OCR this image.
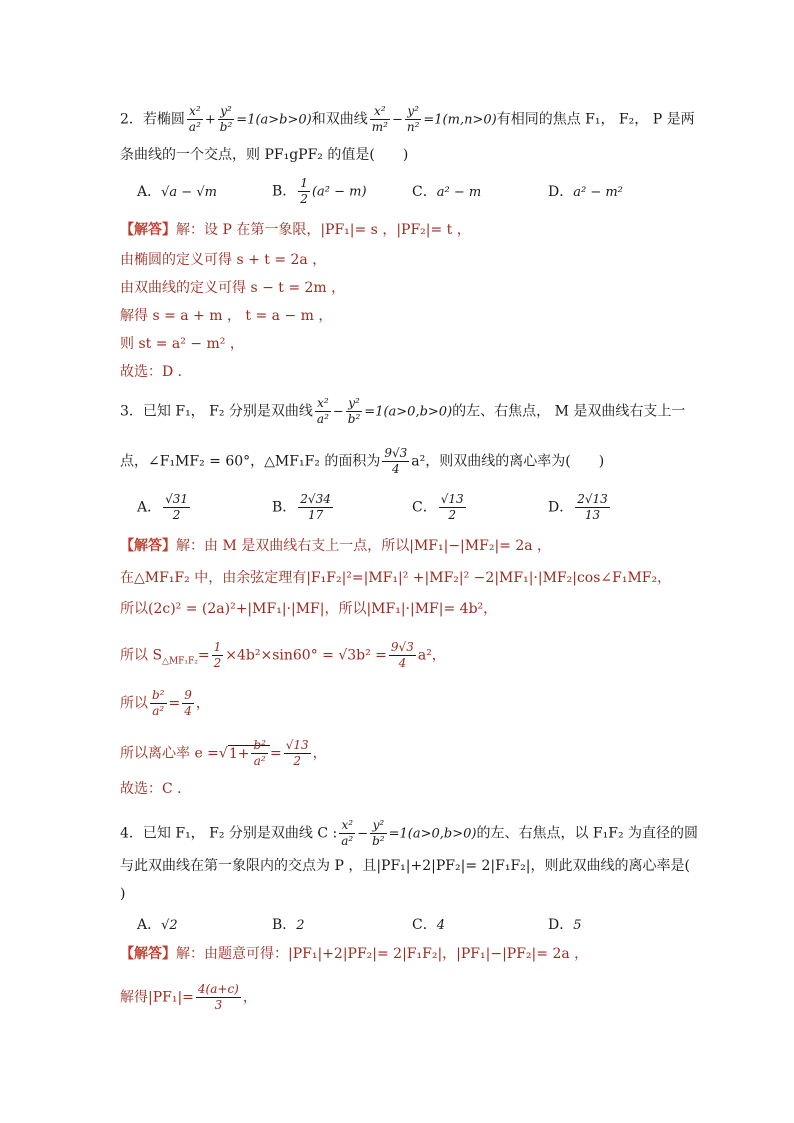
2．若椭圆 $\frac{\text{x²}}{\text{a²}} + \frac{\text{y²}}{\text{b²}} =1(a>b>0)$和双曲线 $\frac{\text{x²}}{\text{m²}} - \frac{\text{y²}}{\text{n²}} =1(m,n>0)$有相同的焦点 F₁， F₂， P 是两
条曲线的一个交点，则 PF₁gPF₂ 的值是(　　)
A．√a − √m	B． $\frac{1}{2} (a^2 - m)$	C．a² − m	D．a² − m²
【解答】解：设 P 在第一象限，|PF₁|= s ，|PF₂|= t ，
由椭圆的定义可得 s + t = 2a ，
由双曲线的定义可得 s − t = 2m ，
解得 s = a + m ， t = a − m ，
则 st = a² − m² ，
故选：D ．
3．已知 F₁， F₂ 分别是双曲线 $\frac{\text{x²}}{\text{a²}} - \frac{\text{y²}}{\text{b²}} =1(a>0,b>0)$的左、右焦点， M 是双曲线右支上一
点，∠F₁MF₂ = 60°，△MF₁F₂ 的面积为 $\frac{9√3}{4} a^2$，则双曲线的离心率为(　　)
A． $\frac{√31}{2}$	B． $\frac{2√34}{17}$	C． $\frac{√13}{2}$	D． $\frac{2√13}{13}$
【解答】解：由 M 是双曲线右支上一点，所以|MF₁|−|MF₂|= 2a ，
在△MF₁F₂ 中，由余弦定理有|F₁F₂|²=|MF₁|² +|MF₂|² −2|MF₁|·|MF₂|cos∠F₁MF₂，
所以(2c)² = (2a)²+|MF₁|·|MF|，所以|MF₁|·|MF|= 4b²，
所以 $S_{\triangle MF_1F_2}= \frac{1}{2} \times 4b^2\times\sin 60^\circ = √3b^2 = \frac{9√3}{4} a^2$，
所以 $\frac{\text{b²}}{\text{a²}} = \frac{9}{4}$ ，
所以离心率 $e =√1+ \frac{\text{b²}}{\text{a²}} = \frac{√13}{2}$ ，
故选：C ．
4．已知 F₁， F₂ 分别是双曲线 C : $\frac{\text{x²}}{\text{a²}} - \frac{\text{y²}}{\text{b²}} =1(a>0,b>0)$的左、右焦点，以 F₁F₂ 为直径的圆
与此双曲线在第一象限内的交点为 P ，且|PF₁|+2|PF₂|= 2|F₁F₂|，则此双曲线的离心率是(
)
A．√2	B．2	C．4	D．5
【解答】解：由题意可得：|PF₁|+2|PF₂|= 2|F₁F₂|，|PF₁|−|PF₂|= 2a ，
解得$|PF_1|= \frac{4(a+c)}{3}$ ，
